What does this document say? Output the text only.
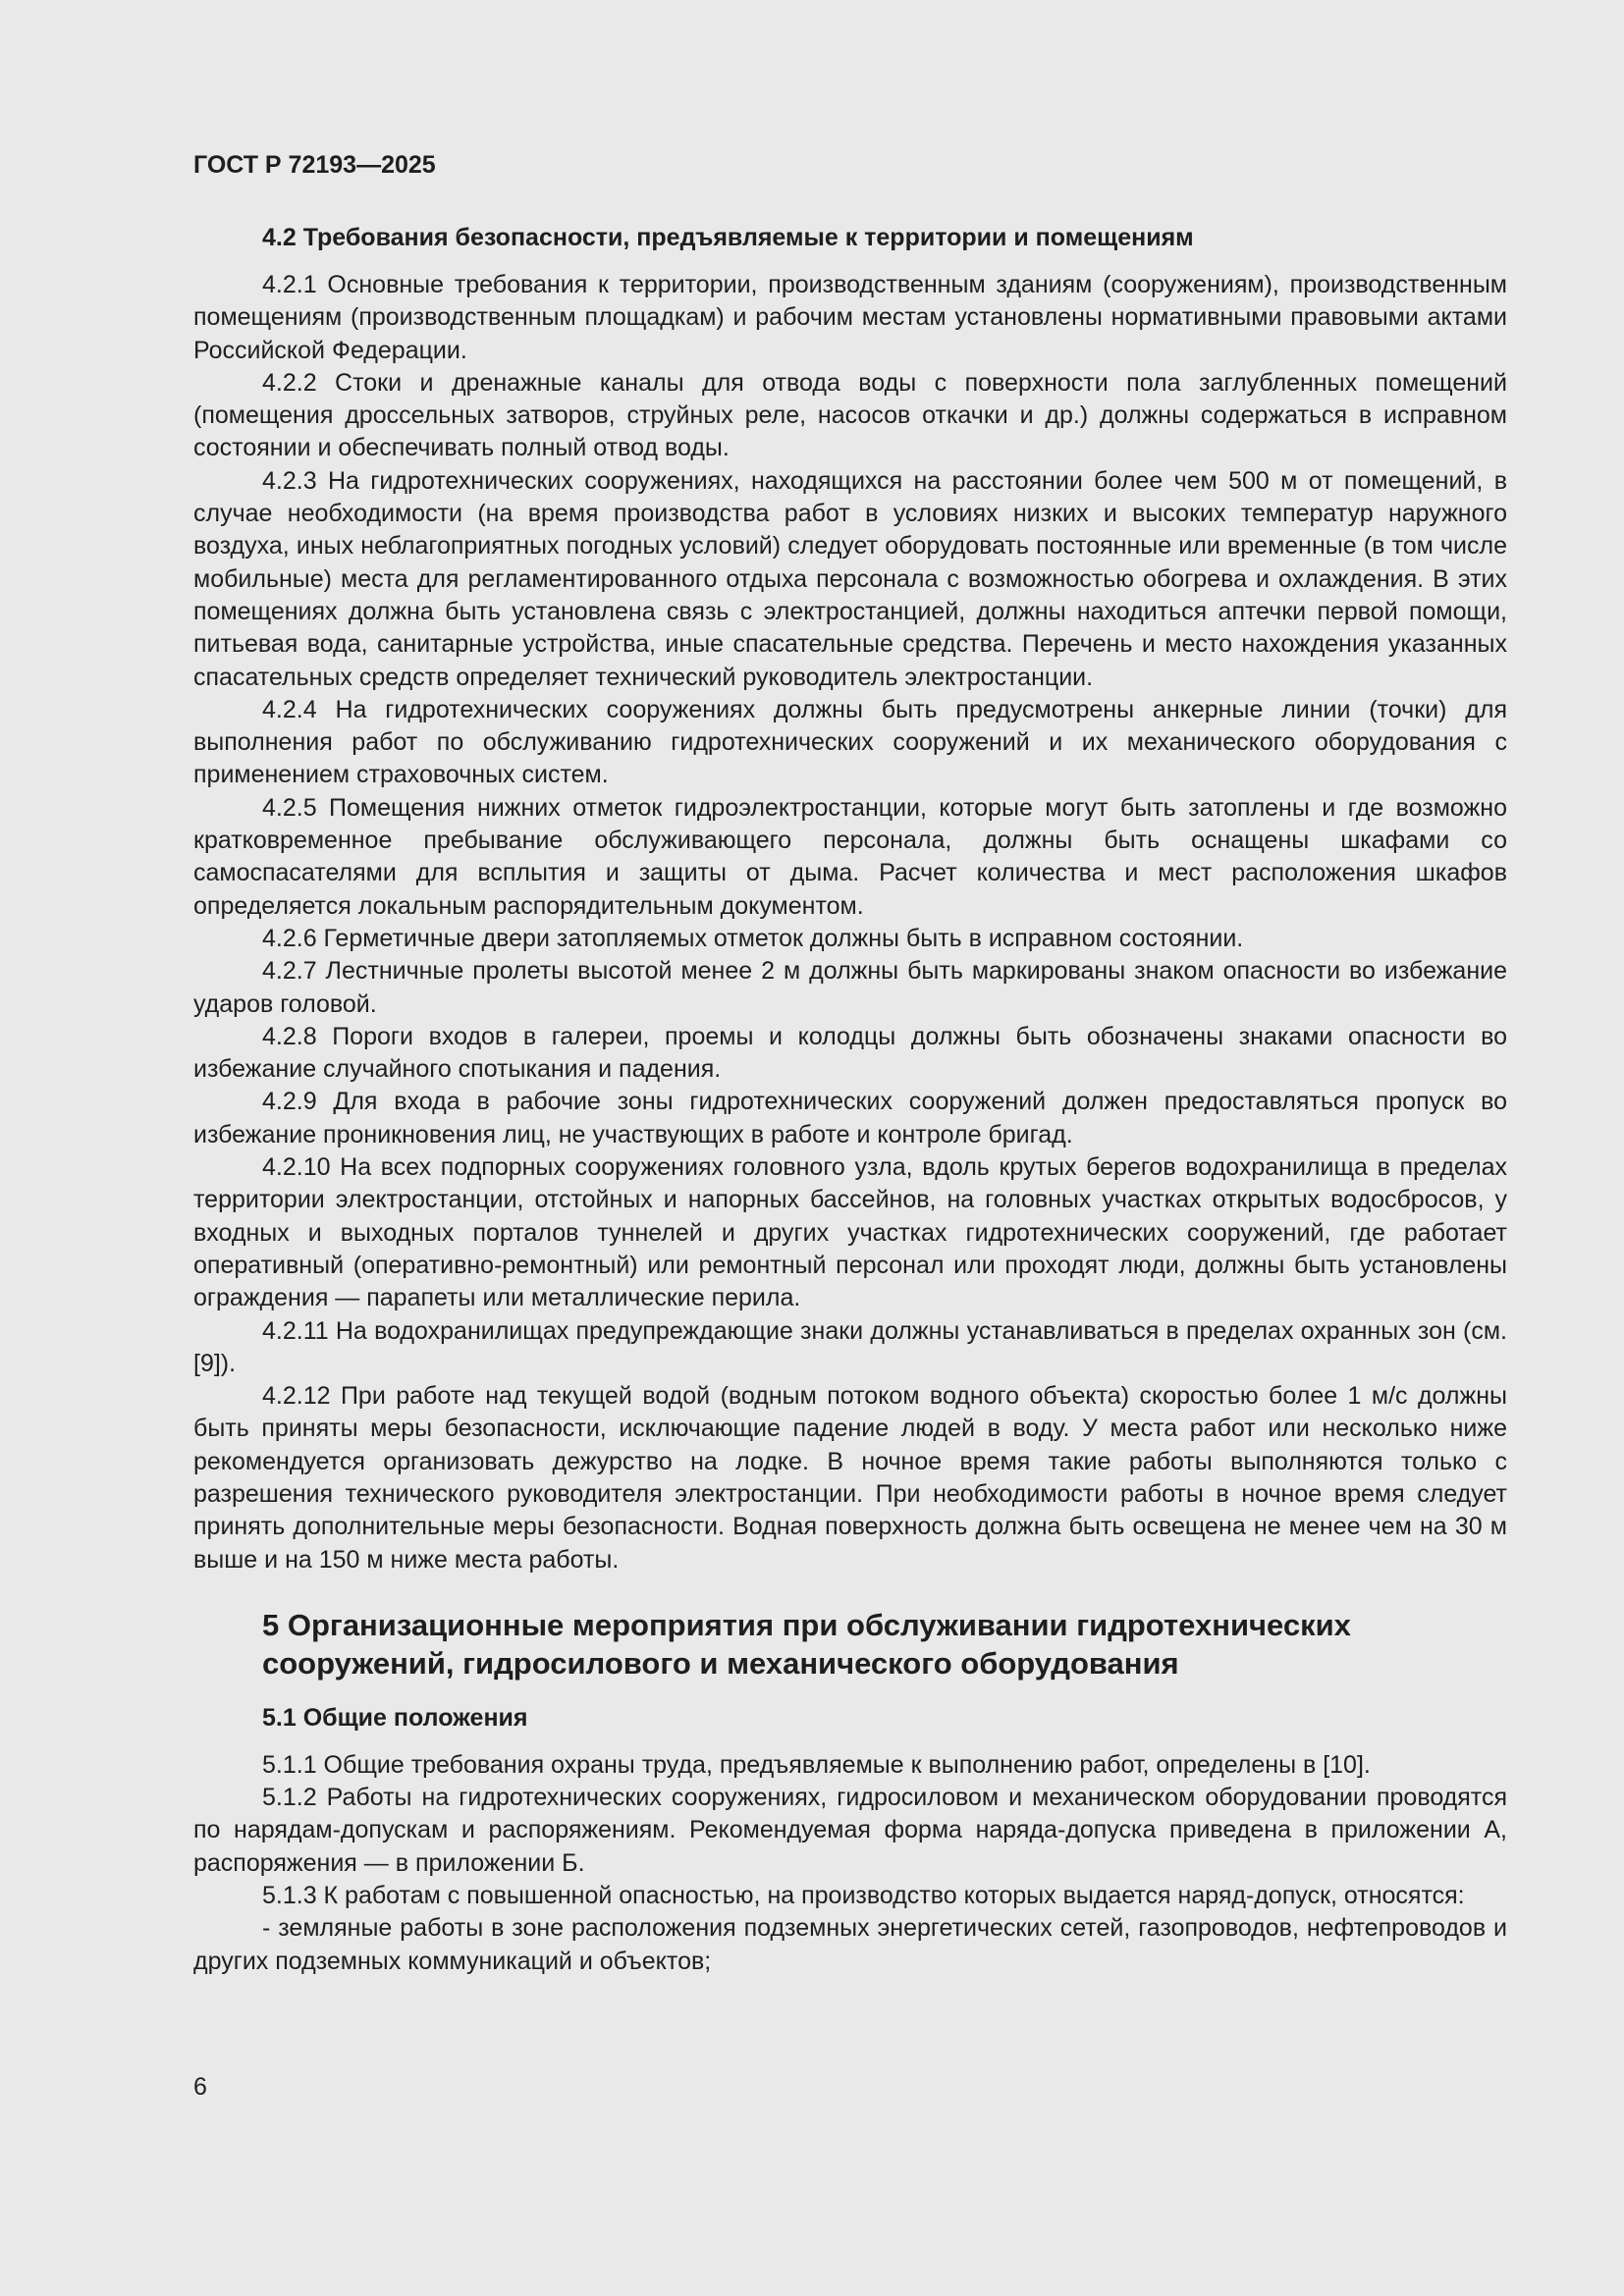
ГОСТ Р 72193—2025
4.2 Требования безопасности, предъявляемые к территории и помещениям

4.2.1 Основные требования к территории, производственным зданиям (сооружениям), производственным помещениям (производственным площадкам) и рабочим местам установлены нормативными правовыми актами Российской Федерации.

4.2.2 Стоки и дренажные каналы для отвода воды с поверхности пола заглубленных помещений (помещения дроссельных затворов, струйных реле, насосов откачки и др.) должны содержаться в исправном состоянии и обеспечивать полный отвод воды.

4.2.3 На гидротехнических сооружениях, находящихся на расстоянии более чем 500 м от помещений, в случае необходимости (на время производства работ в условиях низких и высоких температур наружного воздуха, иных неблагоприятных погодных условий) следует оборудовать постоянные или временные (в том числе мобильные) места для регламентированного отдыха персонала с возможностью обогрева и охлаждения. В этих помещениях должна быть установлена связь с электростанцией, должны находиться аптечки первой помощи, питьевая вода, санитарные устройства, иные спасательные средства. Перечень и место нахождения указанных спасательных средств определяет технический руководитель электростанции.

4.2.4 На гидротехнических сооружениях должны быть предусмотрены анкерные линии (точки) для выполнения работ по обслуживанию гидротехнических сооружений и их механического оборудования с применением страховочных систем.

4.2.5 Помещения нижних отметок гидроэлектростанции, которые могут быть затоплены и где возможно кратковременное пребывание обслуживающего персонала, должны быть оснащены шкафами со самоспасателями для всплытия и защиты от дыма. Расчет количества и мест расположения шкафов определяется локальным распорядительным документом.

4.2.6 Герметичные двери затопляемых отметок должны быть в исправном состоянии.

4.2.7 Лестничные пролеты высотой менее 2 м должны быть маркированы знаком опасности во избежание ударов головой.

4.2.8 Пороги входов в галереи, проемы и колодцы должны быть обозначены знаками опасности во избежание случайного спотыкания и падения.

4.2.9 Для входа в рабочие зоны гидротехнических сооружений должен предоставляться пропуск во избежание проникновения лиц, не участвующих в работе и контроле бригад.

4.2.10 На всех подпорных сооружениях головного узла, вдоль крутых берегов водохранилища в пределах территории электростанции, отстойных и напорных бассейнов, на головных участках открытых водосбросов, у входных и выходных порталов туннелей и других участках гидротехнических сооружений, где работает оперативный (оперативно-ремонтный) или ремонтный персонал или проходят люди, должны быть установлены ограждения — парапеты или металлические перила.

4.2.11 На водохранилищах предупреждающие знаки должны устанавливаться в пределах охранных зон (см. [9]).

4.2.12 При работе над текущей водой (водным потоком водного объекта) скоростью более 1 м/с должны быть приняты меры безопасности, исключающие падение людей в воду. У места работ или несколько ниже рекомендуется организовать дежурство на лодке. В ночное время такие работы выполняются только с разрешения технического руководителя электростанции. При необходимости работы в ночное время следует принять дополнительные меры безопасности. Водная поверхность должна быть освещена не менее чем на 30 м выше и на 150 м ниже места работы.

5 Организационные мероприятия при обслуживании гидротехнических сооружений, гидросилового и механического оборудования
5.1 Общие положения

5.1.1 Общие требования охраны труда, предъявляемые к выполнению работ, определены в [10].

5.1.2 Работы на гидротехнических сооружениях, гидросиловом и механическом оборудовании проводятся по нарядам-допускам и распоряжениям. Рекомендуемая форма наряда-допуска приведена в приложении А, распоряжения — в приложении Б.

5.1.3 К работам с повышенной опасностью, на производство которых выдается наряд-допуск, относятся:

- земляные работы в зоне расположения подземных энергетических сетей, газопроводов, нефтепроводов и других подземных коммуникаций и объектов;

6
